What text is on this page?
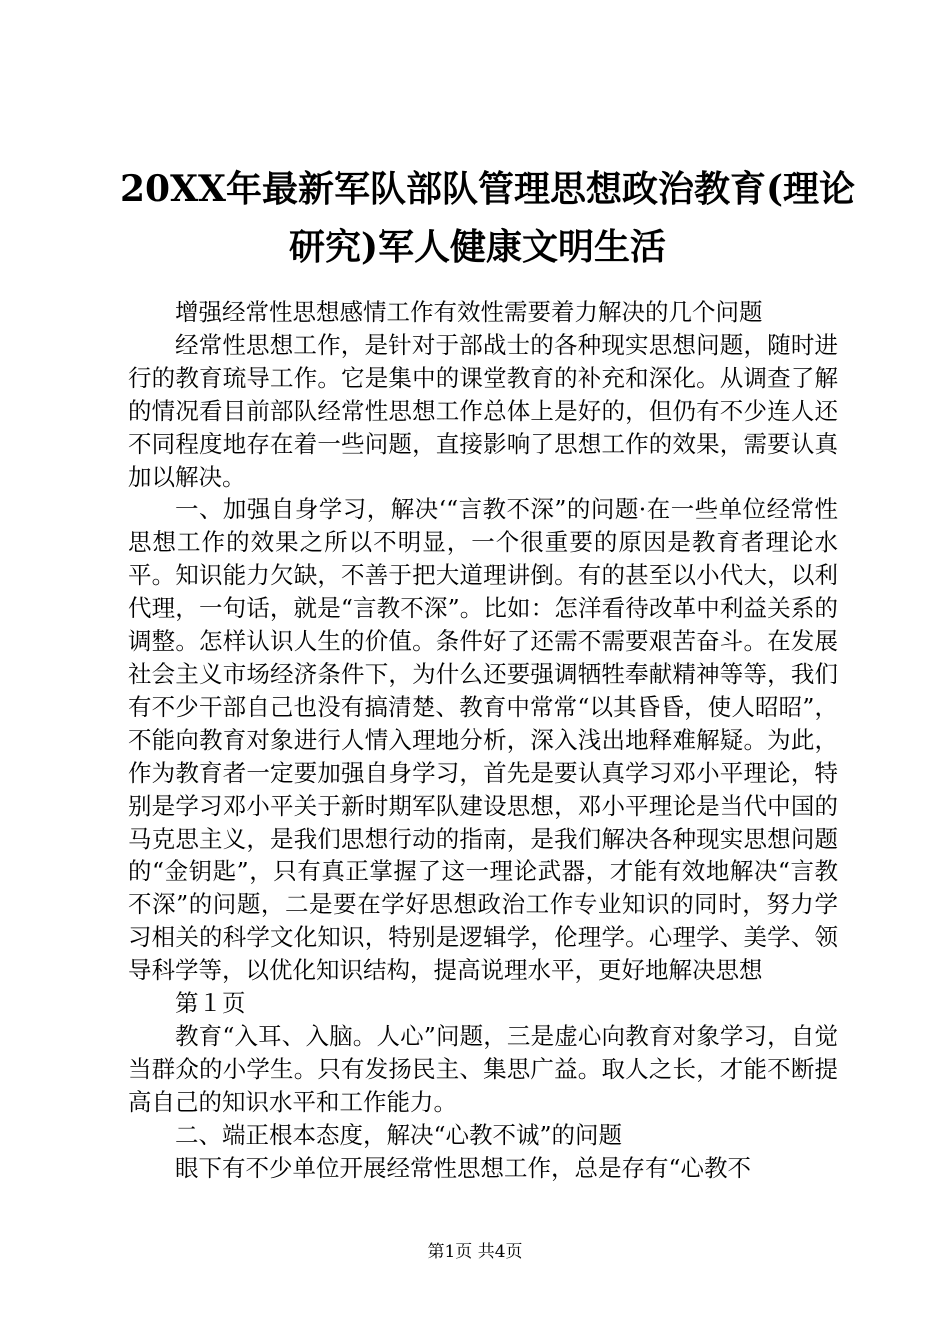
20XX年最新军队部队管理思想政治教育(理论
研究)军人健康文明生活

增强经常性思想感情工作有效性需要着力解决的几个问题

经常性思想工作，是针对于部战士的各种现实思想问题，随时进行的教育琉导工作。它是集中的课堂教育的补充和深化。从调查了解的情况看目前部队经常性思想工作总体上是好的，但仍有不少连人还不同程度地存在着一些问题，直接影响了思想工作的效果，需要认真加以解决。

一、加强自身学习，解决‘“言教不深”的问题·在一些单位经常性思想工作的效果之所以不明显，一个很重要的原因是教育者理论水平。知识能力欠缺，不善于把大道理讲倒。有的甚至以小代大，以利代理，一句话，就是“言教不深”。比如：怎洋看待改革中利益关系的调整。怎样认识人生的价值。条件好了还需不需要艰苦奋斗。在发展社会主义市场经济条件下，为什么还要强调牺牲奉献精神等等，我们有不少干部自己也没有搞清楚、教育中常常“以其昏昏，使人昭昭”，不能向教育对象进行人情入理地分析，深入浅出地释难解疑。为此，作为教育者一定要加强自身学习，首先是要认真学习邓小平理论，特别是学习邓小平关于新时期军队建设思想，邓小平理论是当代中国的马克思主义，是我们思想行动的指南，是我们解决各种现实思想问题的“金钥匙”，只有真正掌握了这一理论武器，才能有效地解决“言教不深”的问题，二是要在学好思想政治工作专业知识的同时，努力学习相关的科学文化知识，特别是逻辑学，伦理学。心理学、美学、领导科学等，以优化知识结构，提高说理水平，更好地解决思想

第１页

教育“入耳、入脑。人心”问题，三是虚心向教育对象学习，自觉当群众的小学生。只有发扬民主、集思广益。取人之长，才能不断提高自己的知识水平和工作能力。

二、端正根本态度，解决“心教不诚”的问题

眼下有不少单位开展经常性思想工作，总是存有“心教不

第1页 共4页
